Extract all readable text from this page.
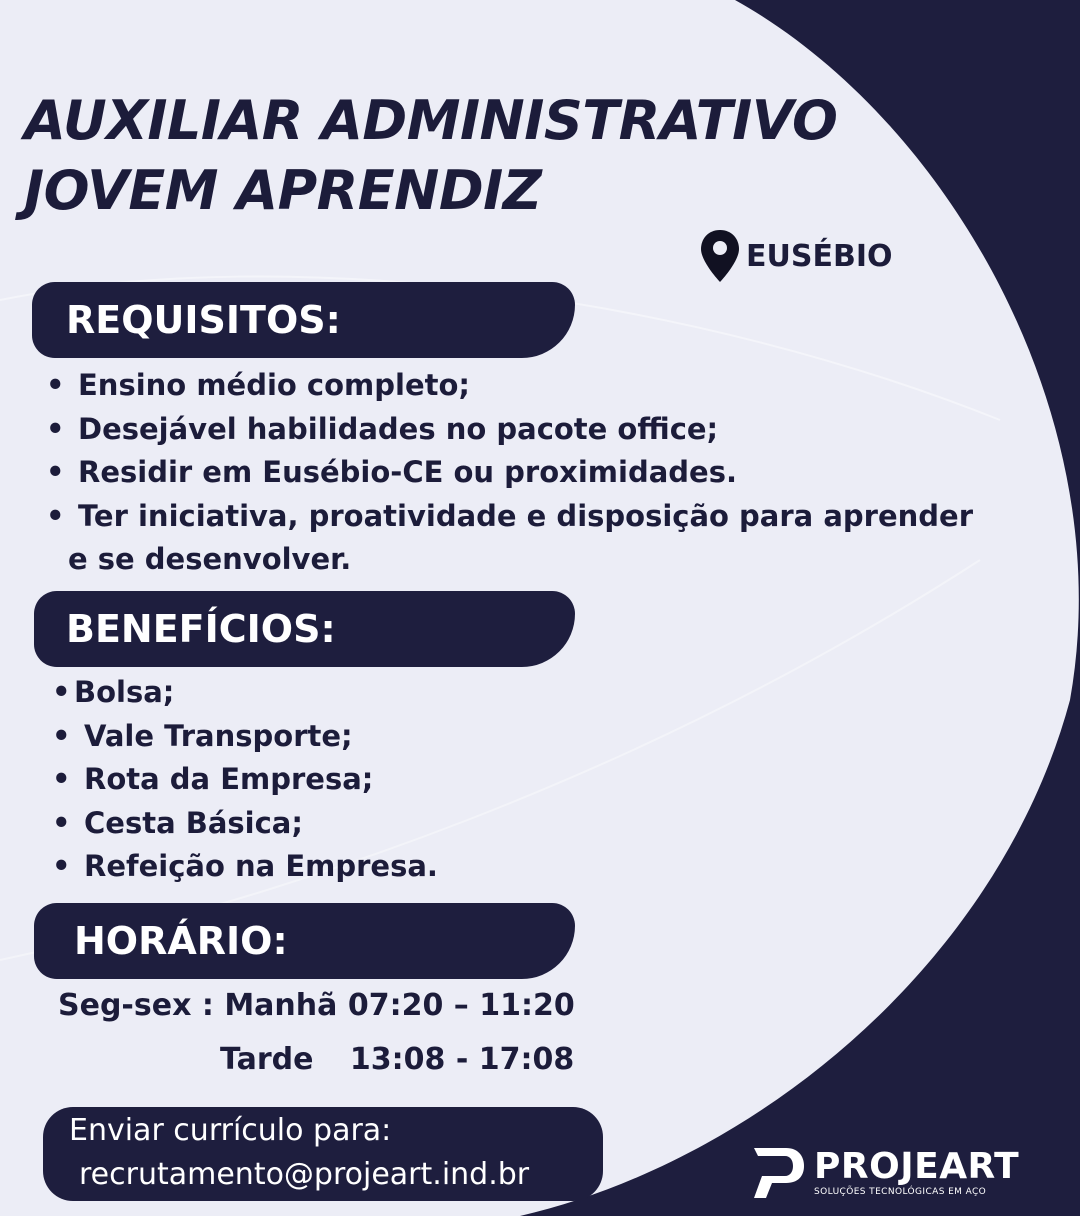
AUXILIAR ADMINISTRATIVO
JOVEM APRENDIZ
EUSÉBIO
REQUISITOS:
• Ensino médio completo;
• Desejável habilidades no pacote office;
• Residir em Eusébio-CE ou proximidades.
• Ter iniciativa, proatividade e disposição para aprender
e se desenvolver.
BENEFÍCIOS:
• Bolsa;
• Vale Transporte;
• Rota da Empresa;
• Cesta Básica;
• Refeição na Empresa.
HORÁRIO:
Seg-sex : Manhã 07:20 – 11:20
Tarde 13:08 - 17:08
Enviar currículo para:
recrutamento@projeart.ind.br	PROJEART
SOLUÇÕES TECNOLÓGICAS EM AÇO
